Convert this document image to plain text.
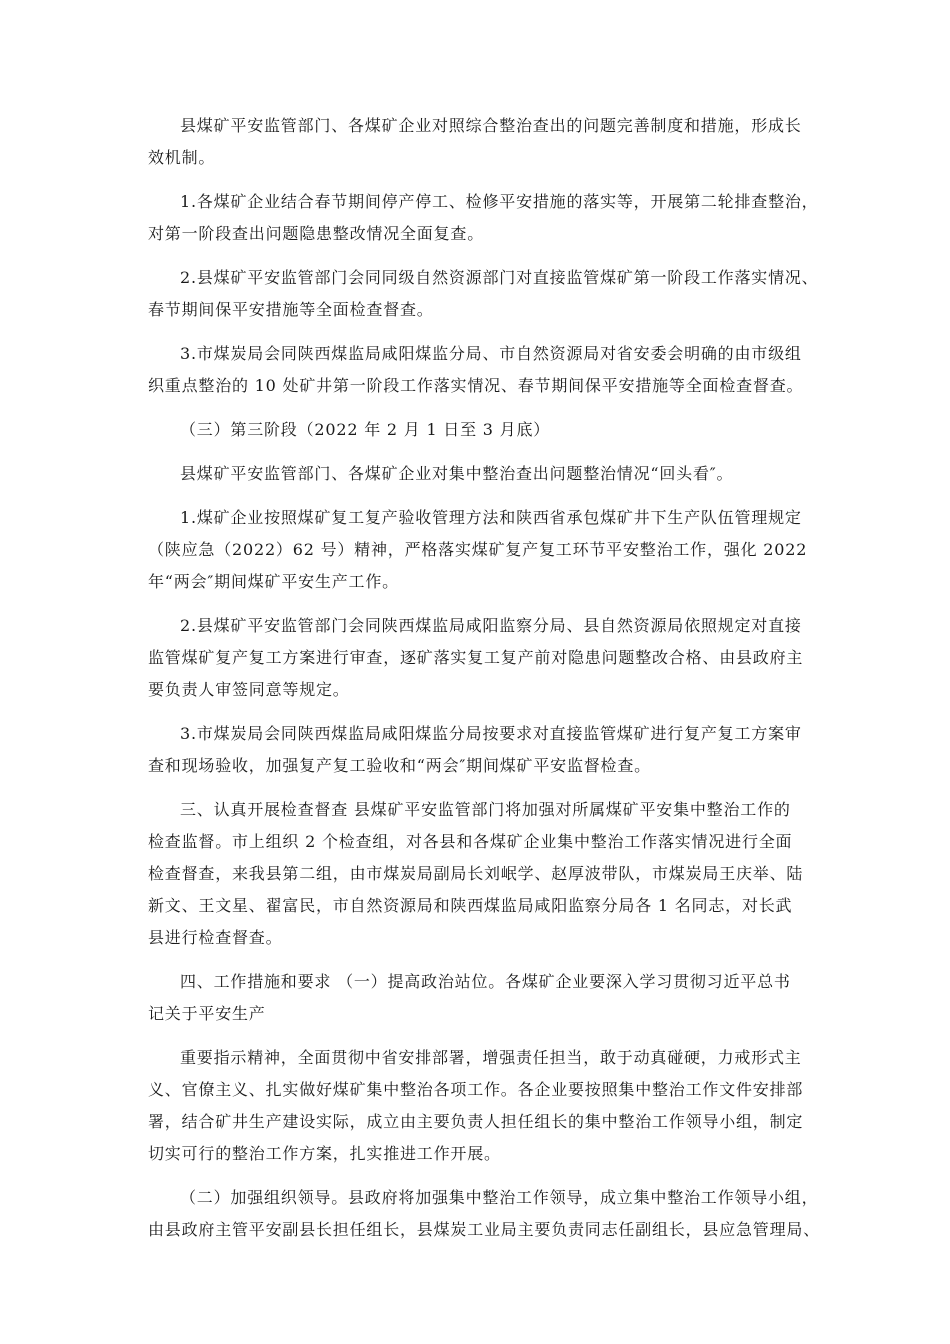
县煤矿平安监管部门、各煤矿企业对照综合整治查出的问题完善制度和措施，形成长
效机制。
1.各煤矿企业结合春节期间停产停工、检修平安措施的落实等，开展第二轮排查整治，
对第一阶段查出问题隐患整改情况全面复查。
2.县煤矿平安监管部门会同同级自然资源部门对直接监管煤矿第一阶段工作落实情况、
春节期间保平安措施等全面检查督查。
3.市煤炭局会同陕西煤监局咸阳煤监分局、市自然资源局对省安委会明确的由市级组
织重点整治的 10 处矿井第一阶段工作落实情况、春节期间保平安措施等全面检查督查。
（三）第三阶段（2022 年 2 月 1 日至 3 月底）
县煤矿平安监管部门、各煤矿企业对集中整治查出问题整治情况“回头看″。
1.煤矿企业按照煤矿复工复产验收管理方法和陕西省承包煤矿井下生产队伍管理规定
（陕应急（2022）62 号）精神，严格落实煤矿复产复工环节平安整治工作，强化 2022
年“两会″期间煤矿平安生产工作。
2.县煤矿平安监管部门会同陕西煤监局咸阳监察分局、县自然资源局依照规定对直接
监管煤矿复产复工方案进行审查，逐矿落实复工复产前对隐患问题整改合格、由县政府主
要负责人审签同意等规定。
3.市煤炭局会同陕西煤监局咸阳煤监分局按要求对直接监管煤矿进行复产复工方案审
查和现场验收，加强复产复工验收和“两会″期间煤矿平安监督检查。
三、认真开展检查督查 县煤矿平安监管部门将加强对所属煤矿平安集中整治工作的
检查监督。市上组织 2 个检查组，对各县和各煤矿企业集中整治工作落实情况进行全面
检查督查，来我县第二组，由市煤炭局副局长刘岷学、赵厚波带队，市煤炭局王庆举、陆
新文、王文星、翟富民，市自然资源局和陕西煤监局咸阳监察分局各 1 名同志，对长武
县进行检查督查。
四、工作措施和要求 （一）提高政治站位。各煤矿企业要深入学习贯彻习近平总书
记关于平安生产
重要指示精神，全面贯彻中省安排部署，增强责任担当，敢于动真碰硬，力戒形式主
义、官僚主义、扎实做好煤矿集中整治各项工作。各企业要按照集中整治工作文件安排部
署，结合矿井生产建设实际，成立由主要负责人担任组长的集中整治工作领导小组，制定
切实可行的整治工作方案，扎实推进工作开展。
（二）加强组织领导。县政府将加强集中整治工作领导，成立集中整治工作领导小组，
由县政府主管平安副县长担任组长，县煤炭工业局主要负责同志任副组长，县应急管理局、
